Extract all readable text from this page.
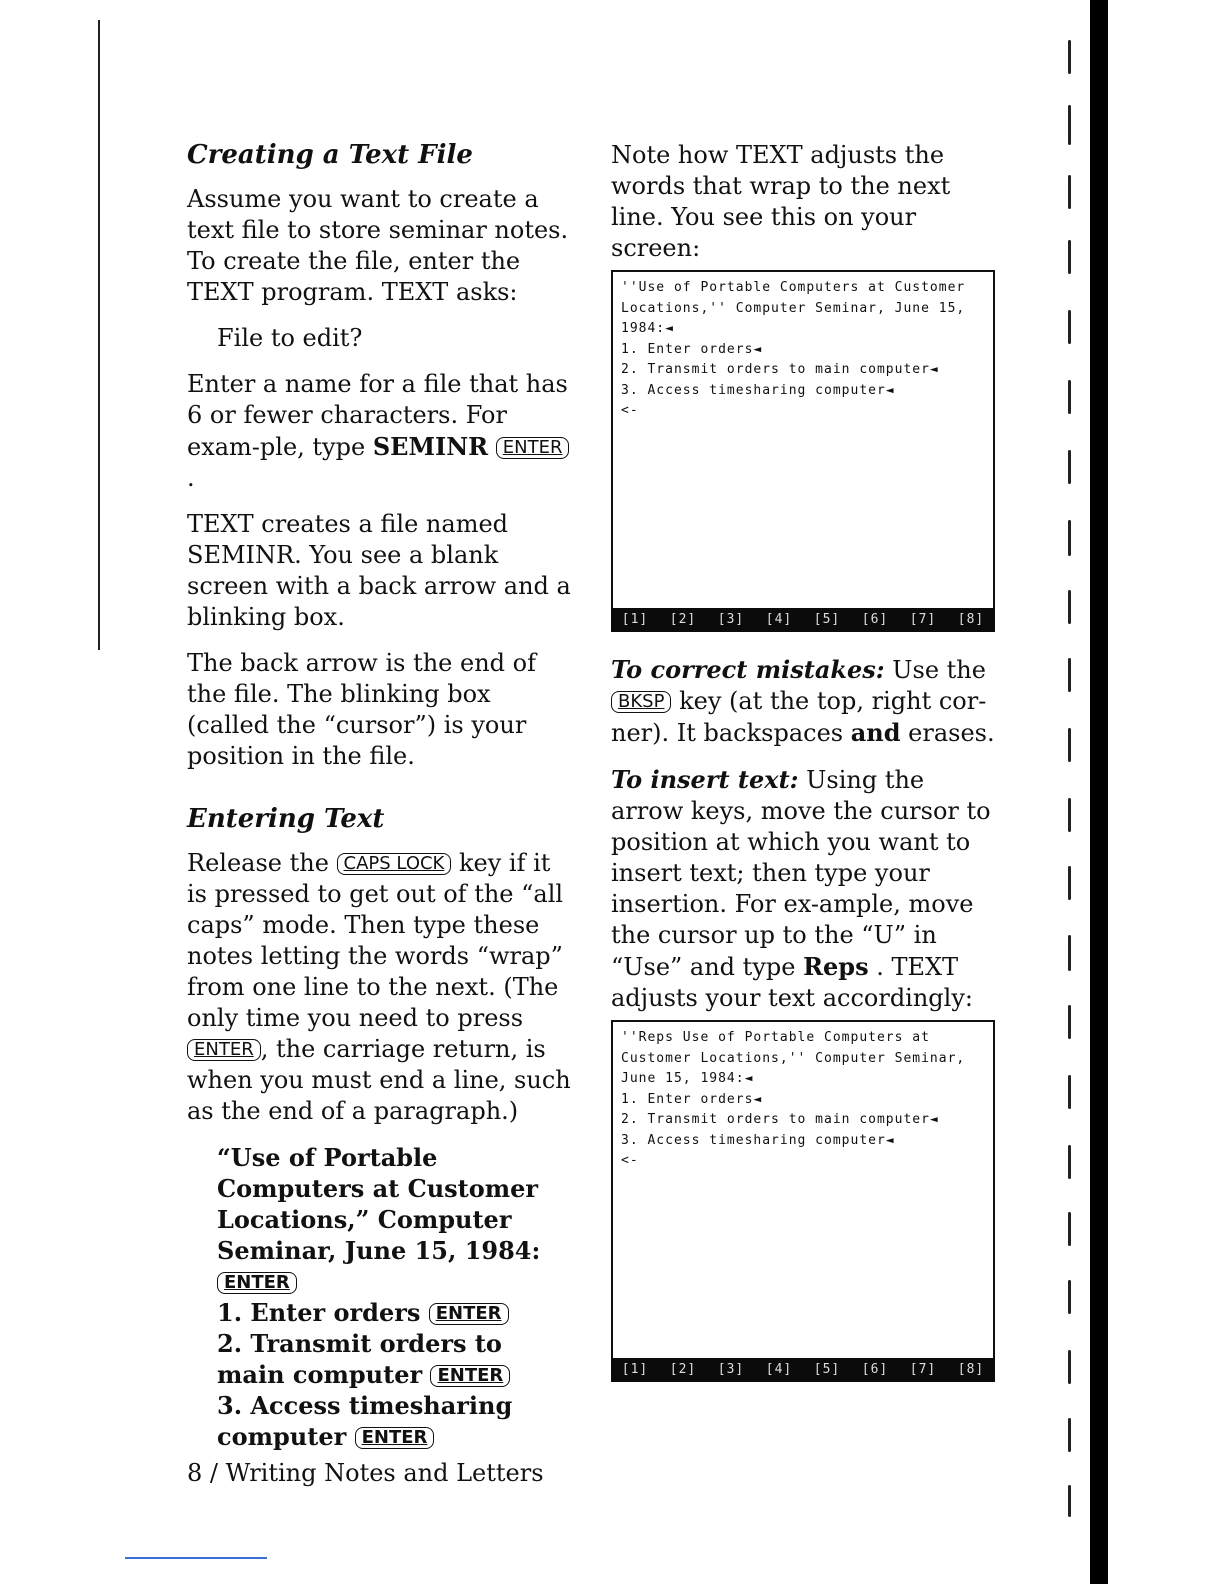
Creating a Text File

Assume you want to create a text file to store seminar notes. To create the file, enter the TEXT program. TEXT asks:

File to edit?

Enter a name for a file that has 6 or fewer characters. For exam-ple, type SEMINR ENTER.

TEXT creates a file named SEMINR. You see a blank screen with a back arrow and a blinking box.

The back arrow is the end of the file. The blinking box (called the “cursor”) is your position in the file.

Entering Text

Release the CAPS LOCK key if it is pressed to get out of the “all caps” mode. Then type these notes letting the words “wrap” from one line to the next. (The only time you need to press ENTER , the carriage return, is when you must end a line, such as the end of a paragraph.)

“Use of Portable Computers at Customer Locations,” Computer Seminar, June 15, 1984: ENTER
1. Enter orders ENTER
2. Transmit orders to main computer ENTER
3. Access timesharing computer ENTER

Note how TEXT adjusts the words that wrap to the next line. You see this on your screen:

''Use of Portable Computers at Customer
Locations,'' Computer Seminar, June 15,
1984:◄
1. Enter orders◄
2. Transmit orders to main computer◄
3. Access timesharing computer◄
<-
[1] [2] [3] [4] [5] [6] [7] [8]

To correct mistakes: Use the BKSP key (at the top, right cor-ner). It backspaces and erases.

To insert text: Using the arrow keys, move the cursor to position at which you want to insert text; then type your insertion. For ex-ample, move the cursor up to the “U” in “Use” and type Reps . TEXT adjusts your text accordingly:

''Reps Use of Portable Computers at
Customer Locations,'' Computer Seminar,
June 15, 1984:◄
1. Enter orders◄
2. Transmit orders to main computer◄
3. Access timesharing computer◄
<-
[1] [2] [3] [4] [5] [6] [7] [8]
8 / Writing Notes and Letters
